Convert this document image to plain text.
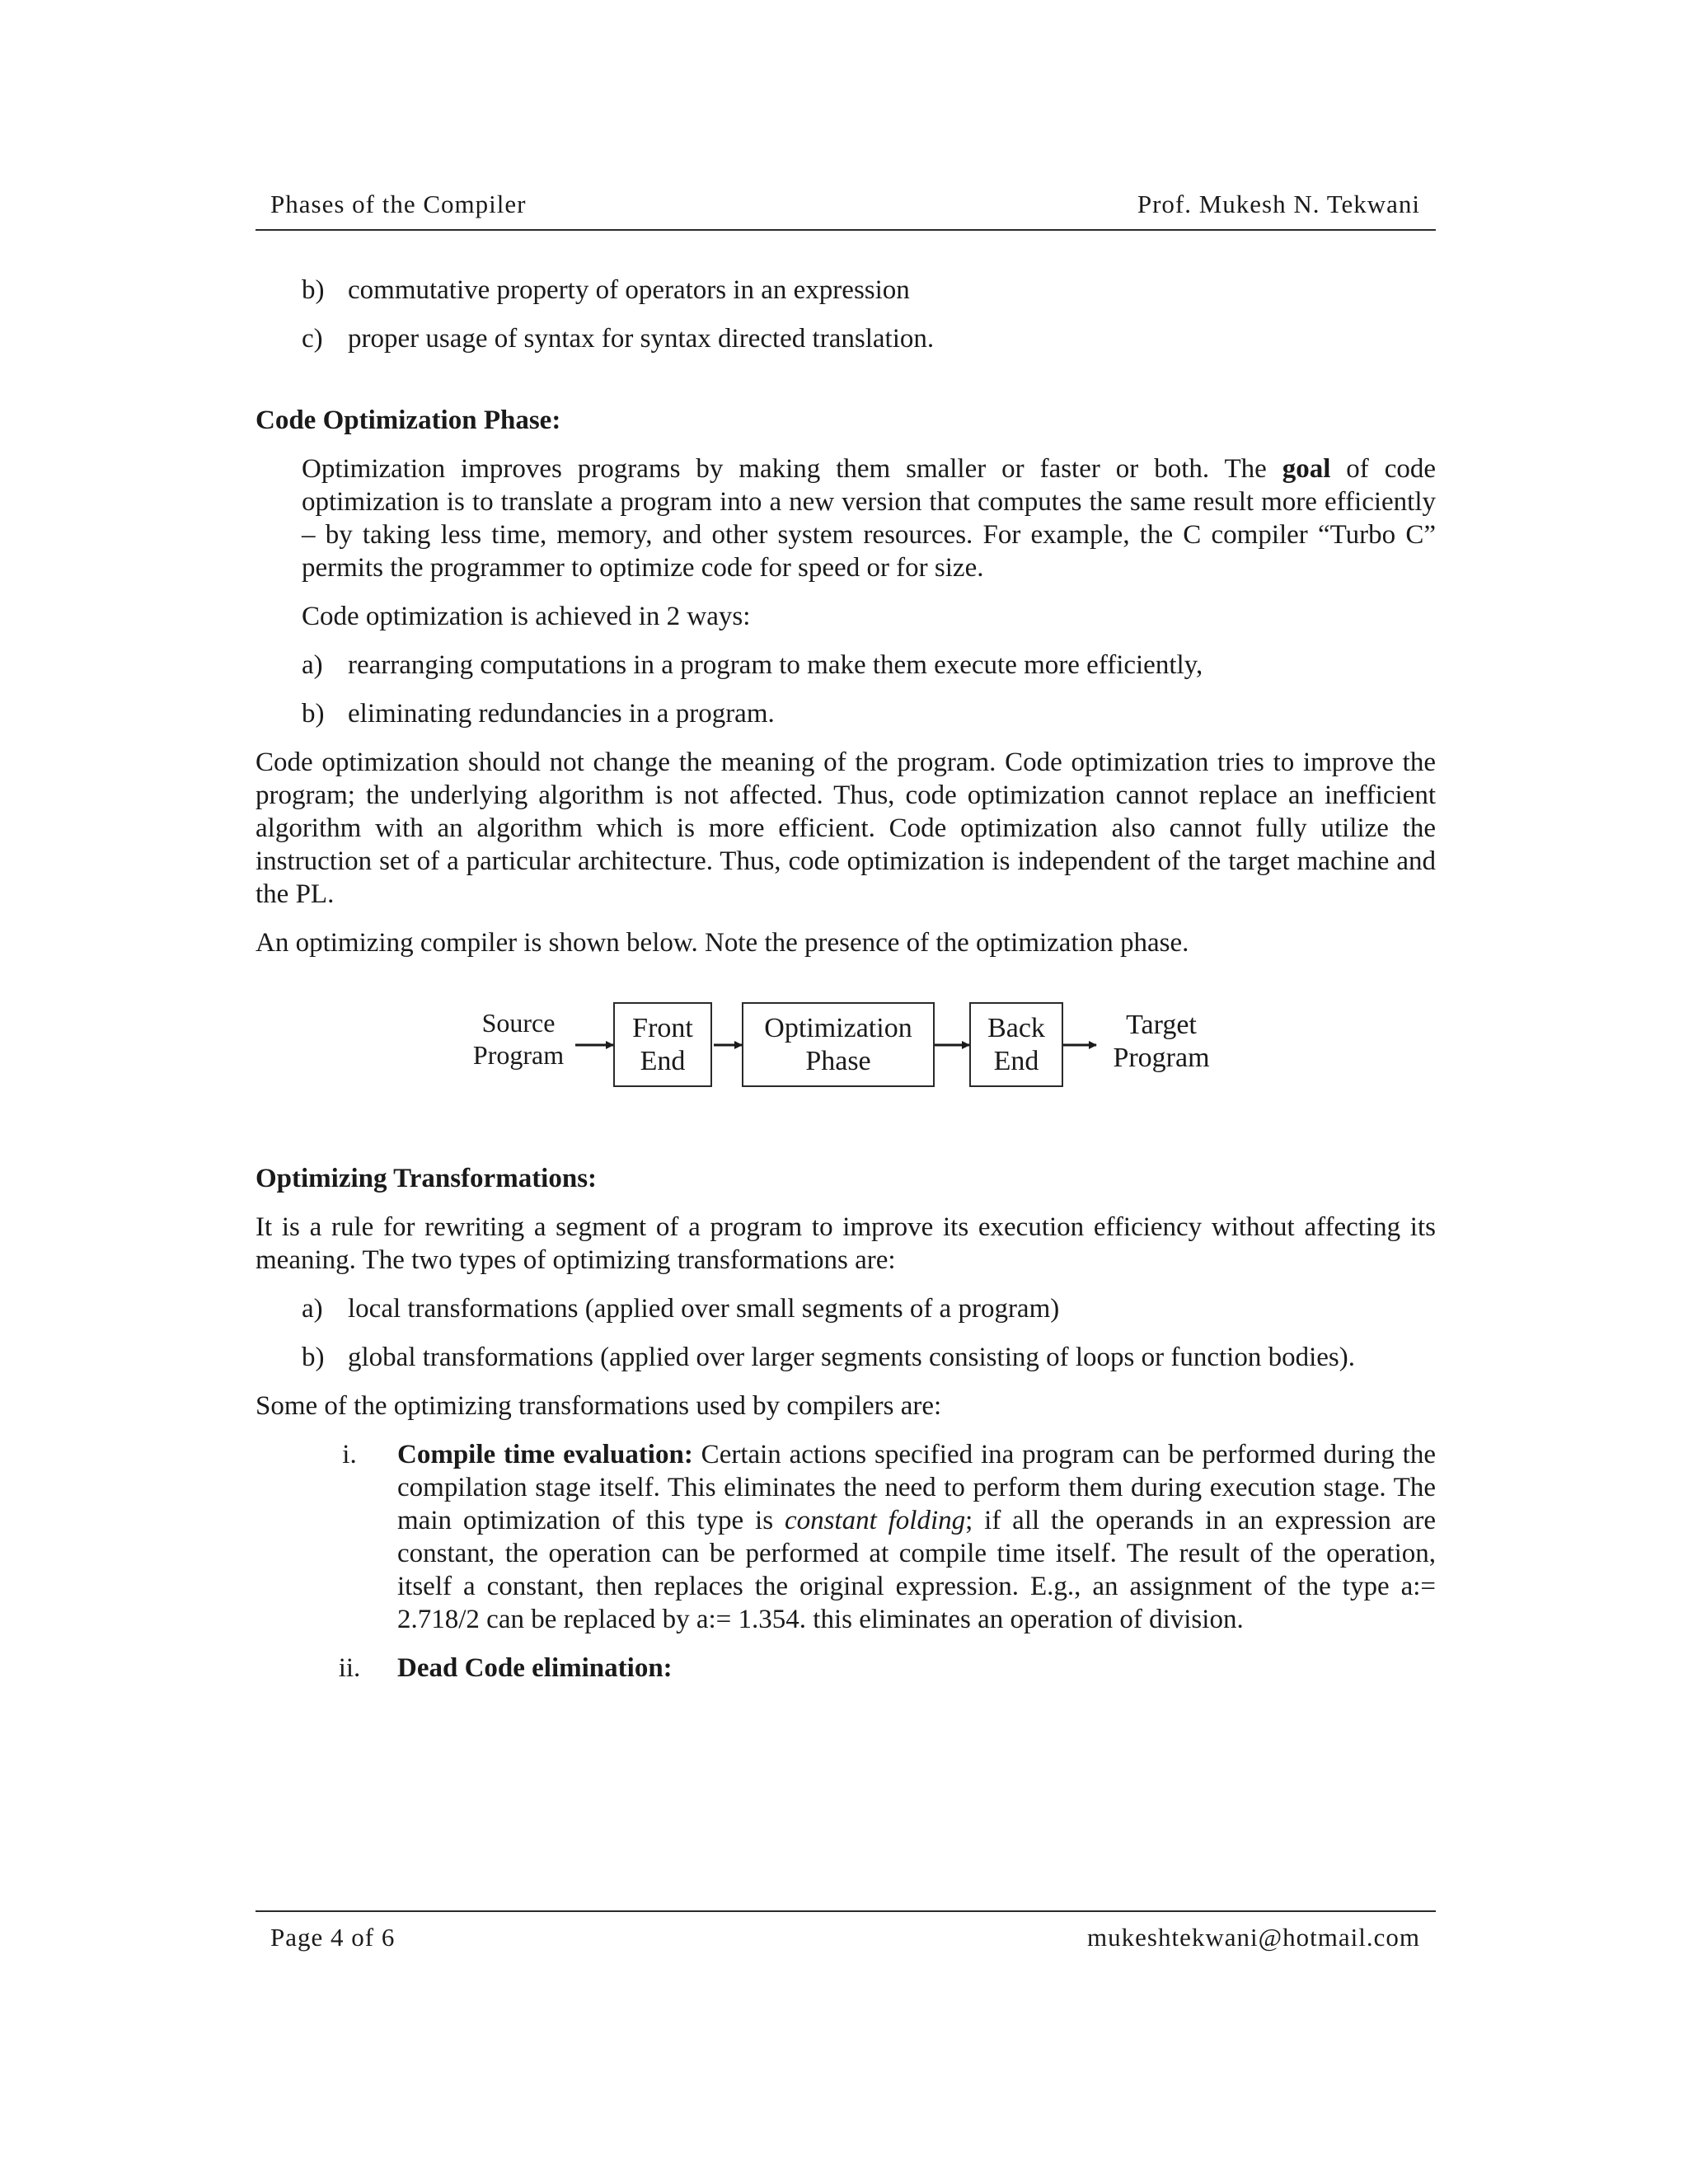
Phases of the Compiler	Prof. Mukesh N. Tekwani
b) commutative property of operators in an expression
c) proper usage of syntax for syntax directed translation.
Code Optimization Phase:
Optimization improves programs by making them smaller or faster or both. The goal of code optimization is to translate a program into a new version that computes the same result more efficiently – by taking less time, memory, and other system resources. For example, the C compiler “Turbo C” permits the programmer to optimize code for speed or for size.
Code optimization is achieved in 2 ways:
a) rearranging computations in a program to make them execute more efficiently,
b) eliminating redundancies in a program.
Code optimization should not change the meaning of the program. Code optimization tries to improve the program; the underlying algorithm is not affected. Thus, code optimization cannot replace an inefficient algorithm with an algorithm which is more efficient. Code optimization also cannot fully utilize the instruction set of a particular architecture. Thus, code optimization is independent of the target machine and the PL.
An optimizing compiler is shown below. Note the presence of the optimization phase.
Source
Program
Front
End
Optimization
Phase
Back
End
Target
Program
Optimizing Transformations:
It is a rule for rewriting a segment of a program to improve its execution efficiency without affecting its meaning. The two types of optimizing transformations are:
a) local transformations (applied over small segments of a program)
b) global transformations (applied over larger segments consisting of loops or function bodies).
Some of the optimizing transformations used by compilers are:
i.	Compile time evaluation: Certain actions specified ina program can be performed during the compilation stage itself. This eliminates the need to perform them during execution stage. The main optimization of this type is constant folding; if all the operands in an expression are constant, the operation can be performed at compile time itself. The result of the operation, itself a constant, then replaces the original expression. E.g., an assignment of the type a:= 2.718/2 can be replaced by a:= 1.354. this eliminates an operation of division.
ii.	Dead Code elimination:
Page 4 of 6	mukeshtekwani@hotmail.com
